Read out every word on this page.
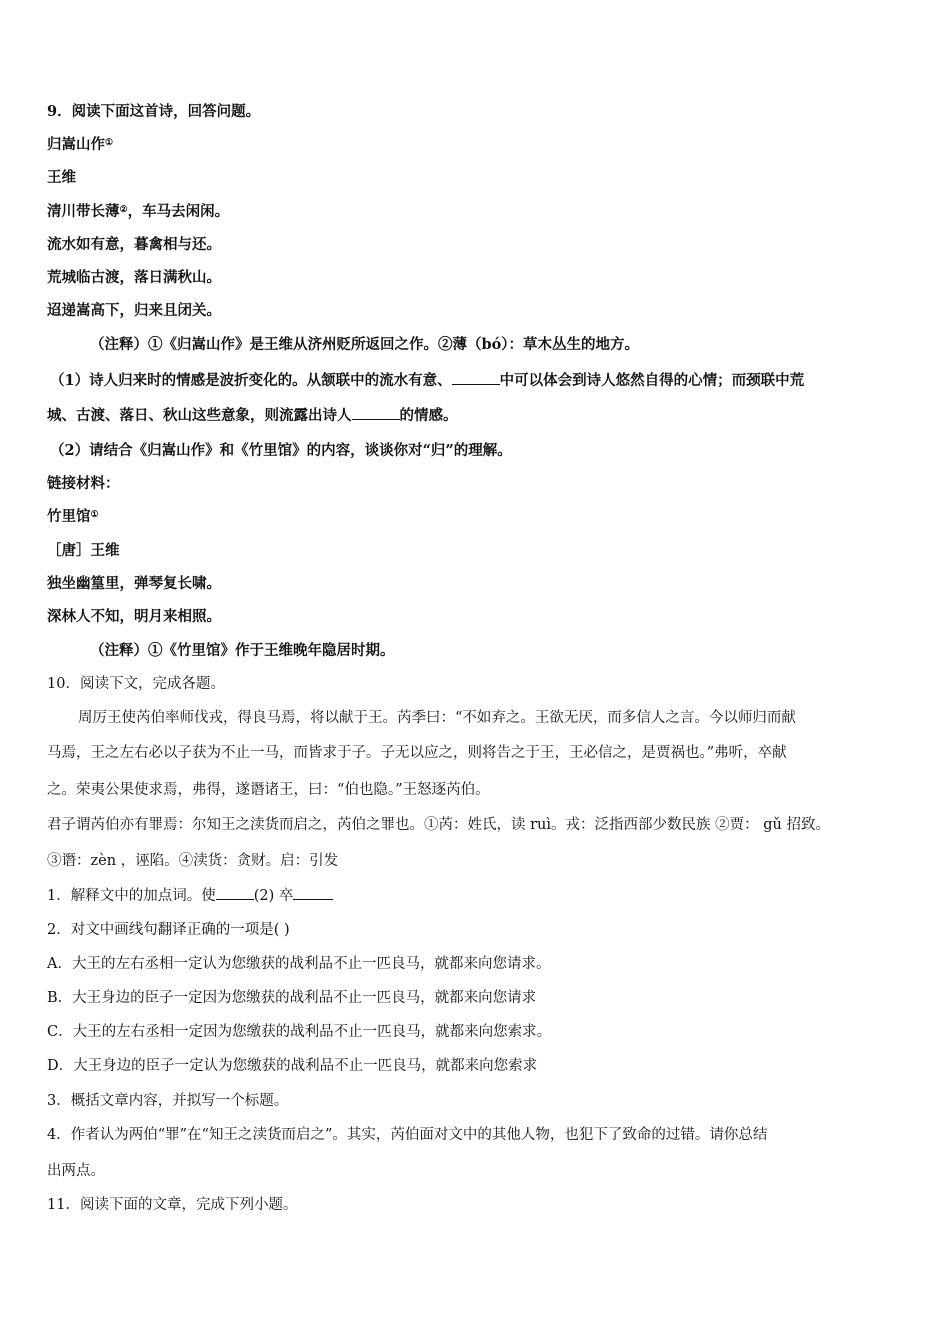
9．阅读下面这首诗，回答问题。
归嵩山作①
王维
清川带长薄②，车马去闲闲。
流水如有意，暮禽相与还。
荒城临古渡，落日满秋山。
迢递嵩高下，归来且闭关。
（注释）①《归嵩山作》是王维从济州贬所返回之作。②薄（bó）：草木丛生的地方。
（1）诗人归来时的情感是波折变化的。从颔联中的流水有意、	中可以体会到诗人悠然自得的心情；而颈联中荒
城、古渡、落日、秋山这些意象，则流露出诗人	的情感。
（2）请结合《归嵩山作》和《竹里馆》的内容，谈谈你对“归”的理解。
链接材料：
竹里馆①
［唐］王维
独坐幽篁里，弹琴复长啸。
深林人不知，明月来相照。
（注释）①《竹里馆》作于王维晚年隐居时期。
10．阅读下文，完成各题。
周厉王使芮伯率师伐戎，得良马焉，将以献于王。芮季曰：“不如弃之。王欲无厌，而多信人之言。今以师归而献
马焉，王之左右必以子获为不止一马，而皆求于子。子无以应之，则将告之于王，王必信之，是贾祸也。”弗听，卒献
之。荣夷公果使求焉，弗得，遂谮诸王，曰：“伯也隐。”王怒逐芮伯。
君子谓芮伯亦有罪焉：尔知王之渎货而启之，芮伯之罪也。①芮：姓氏，读 ruì。戎：泛指西部少数民族 ②贾： gǔ 招致。
③谮：zèn ，诬陷。④渎货：贪财。启：引发
1．解释文中的加点词。使	(2) 卒
2．对文中画线句翻译正确的一项是( )
A．大王的左右丞相一定认为您缴获的战利品不止一匹良马，就都来向您请求。
B．大王身边的臣子一定因为您缴获的战利品不止一匹良马，就都来向您请求
C．大王的左右丞相一定因为您缴获的战利品不止一匹良马，就都来向您索求。
D．大王身边的臣子一定认为您缴获的战利品不止一匹良马，就都来向您索求
3．概括文章内容，并拟写一个标题。
4．作者认为两伯“罪”在“知王之渎货而启之”。其实，芮伯面对文中的其他人物，也犯下了致命的过错。请你总结
出两点。
11．阅读下面的文章，完成下列小题。
